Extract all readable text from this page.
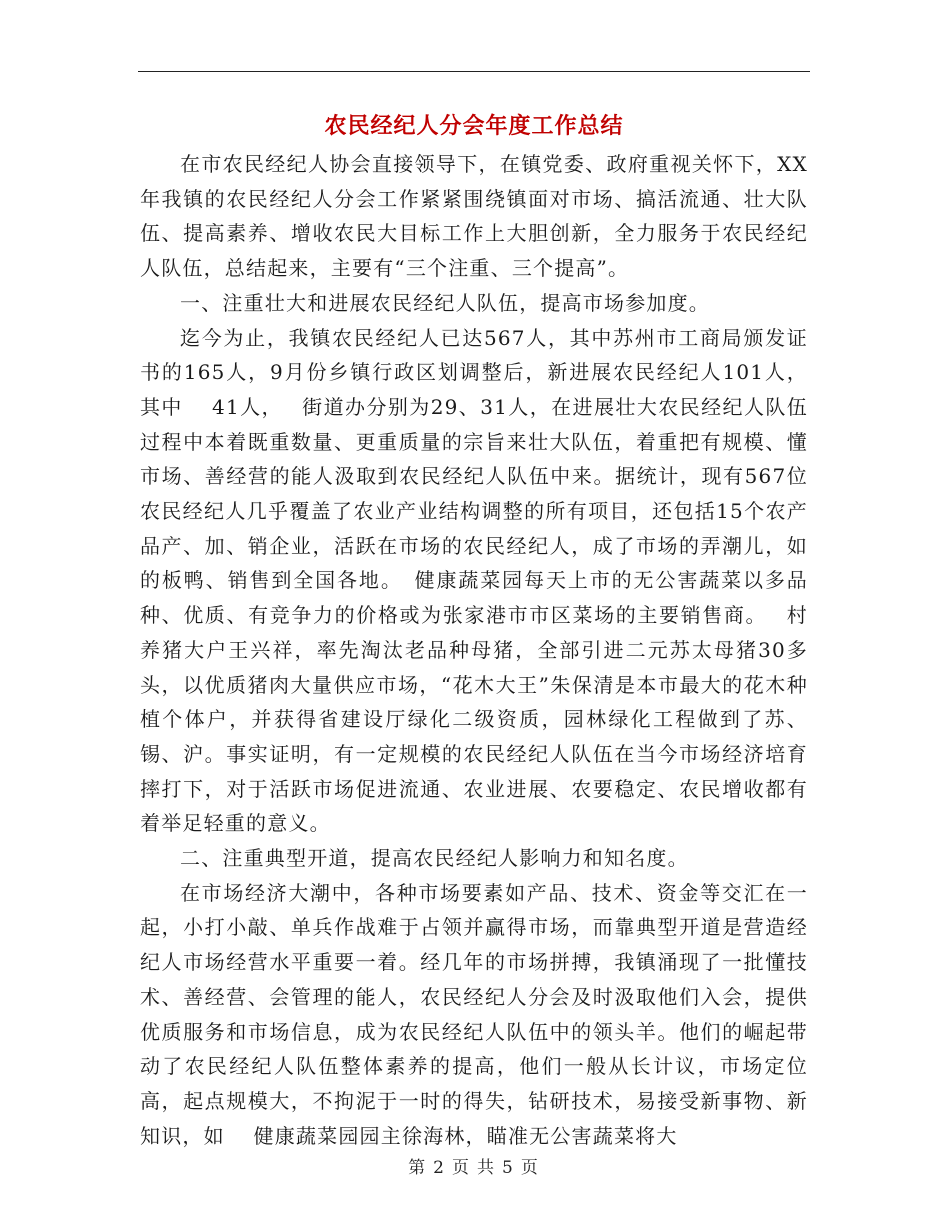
农民经纪人分会年度工作总结

在市农民经纪人协会直接领导下，在镇党委、政府重视关怀下，XX年我镇的农民经纪人分会工作紧紧围绕镇面对市场、搞活流通、壮大队伍、提高素养、增收农民大目标工作上大胆创新，全力服务于农民经纪人队伍，总结起来，主要有“三个注重、三个提高”。

一、注重壮大和进展农民经纪人队伍，提高市场参加度。

迄今为止，我镇农民经纪人已达567人，其中苏州市工商局颁发证书的165人，9月份乡镇行政区划调整后，新进展农民经纪人101人，其中　 41人，　 街道办分别为29、31人，在进展壮大农民经纪人队伍过程中本着既重数量、更重质量的宗旨来壮大队伍，着重把有规模、懂市场、善经营的能人汲取到农民经纪人队伍中来。据统计，现有567位农民经纪人几乎覆盖了农业产业结构调整的所有项目，还包括15个农产品产、加、销企业，活跃在市场的农民经纪人，成了市场的弄潮儿，如　的板鸭、销售到全国各地。　健康蔬菜园每天上市的无公害蔬菜以多品种、优质、有竞争力的价格或为张家港市市区菜场的主要销售商。　 村养猪大户王兴祥，率先淘汰老品种母猪，全部引进二元苏太母猪30多头，以优质猪肉大量供应市场，“花木大王”朱保清是本市最大的花木种植个体户，并获得省建设厅绿化二级资质，园林绿化工程做到了苏、锡、沪。事实证明，有一定规模的农民经纪人队伍在当今市场经济培育摔打下，对于活跃市场促进流通、农业进展、农要稳定、农民增收都有着举足轻重的意义。

二、注重典型开道，提高农民经纪人影响力和知名度。

在市场经济大潮中，各种市场要素如产品、技术、资金等交汇在一起，小打小敲、单兵作战难于占领并赢得市场，而靠典型开道是营造经纪人市场经营水平重要一着。经几年的市场拼搏，我镇涌现了一批懂技术、善经营、会管理的能人，农民经纪人分会及时汲取他们入会，提供优质服务和市场信息，成为农民经纪人队伍中的领头羊。他们的崛起带动了农民经纪人队伍整体素养的提高，他们一般从长计议，市场定位高，起点规模大，不拘泥于一时的得失，钻研技术，易接受新事物、新知识，如　 健康蔬菜园园主徐海林，瞄准无公害蔬菜将大

第 2 页 共 5 页
